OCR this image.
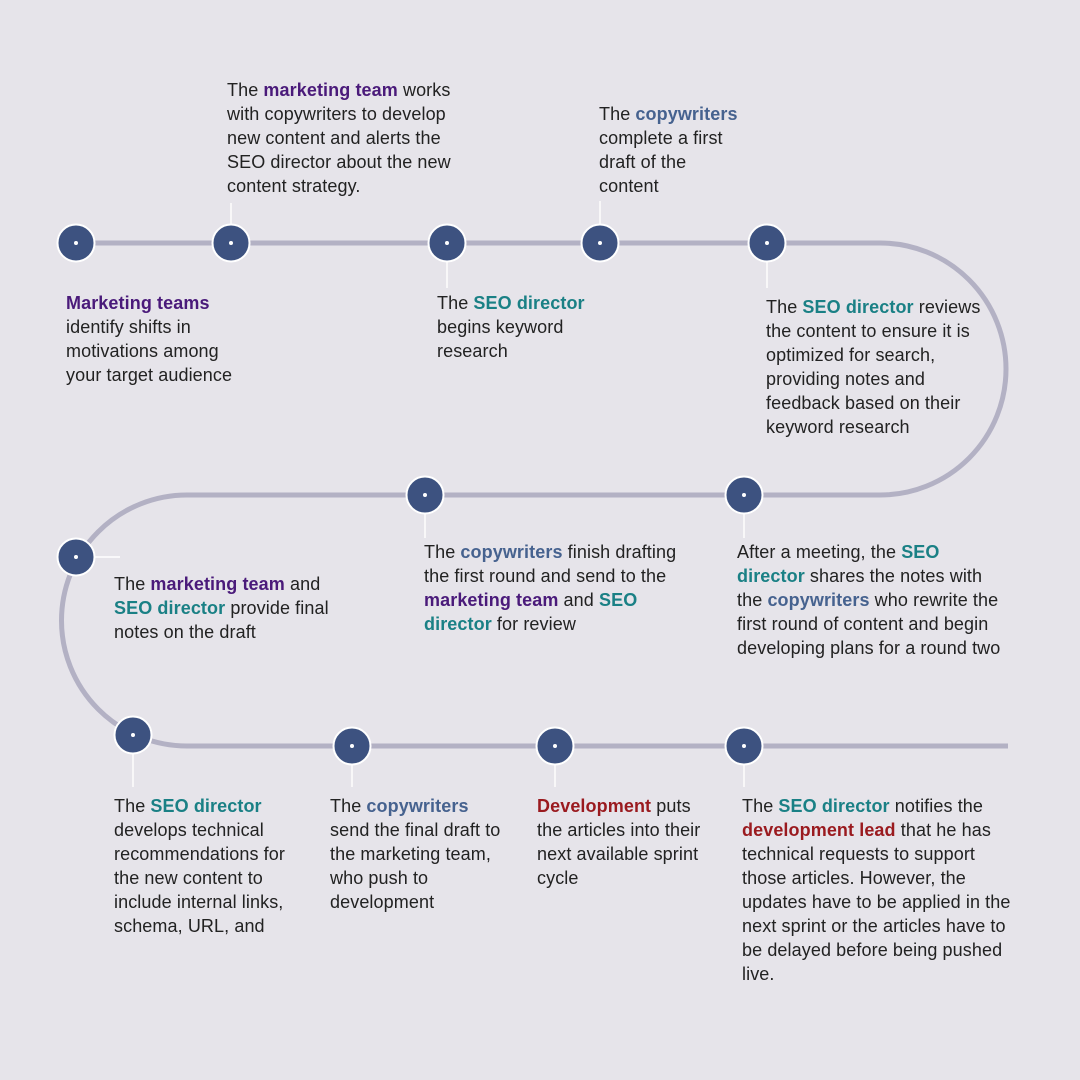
Marketing teams identify shifts in motivations among your target audience

The marketing team works with copywriters to develop new content and alerts the SEO director about the new content strategy.

The SEO director begins keyword research

The copywriters complete a first draft of the content

The SEO director reviews the content to ensure it is optimized for search, providing notes and feedback based on their keyword research

After a meeting, the SEO director shares the notes with the copywriters who rewrite the first round of content and begin developing plans for a round two

The copywriters finish drafting the first round and send to the marketing team and SEO director for review

The marketing team and SEO director provide final notes on the draft

The SEO director develops technical recommendations for the new content to include internal links, schema, URL, and

The copywriters send the final draft to the marketing team, who push to development

Development puts the articles into their next available sprint cycle

The SEO director notifies the development lead that he has technical requests to support those articles. However, the updates have to be applied in the next sprint or the articles have to be delayed before being pushed live.
